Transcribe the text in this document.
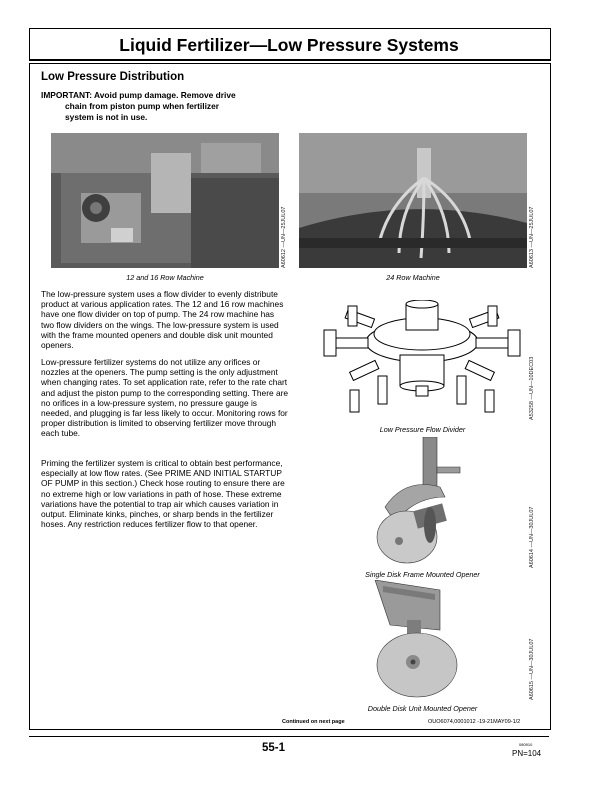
Liquid Fertilizer—Low Pressure Systems
Low Pressure Distribution
IMPORTANT: Avoid pump damage. Remove drive
chain from piston pump when fertilizer
system is not in use.
A60612 —UN—25JUL07
12 and 16 Row Machine
A60613 —UN—25JUL07
24 Row Machine

The low-pressure system uses a flow divider to evenly distribute product at various application rates. The 12 and 16 row machines have one flow divider on top of pump. The 24 row machine has two flow dividers on the wings. The low-pressure system is used with the frame mounted openers and double disk unit mounted openers.

Low-pressure fertilizer systems do not utilize any orifices or nozzles at the openers. The pump setting is the only adjustment when changing rates. To set application rate, refer to the rate chart and adjust the piston pump to the corresponding setting. There are no orifices in a low-pressure system, no pressure gauge is needed, and plugging is far less likely to occur. Monitoring rows for proper distribution is limited to observing fertilizer move through each tube.

Priming the fertilizer system is critical to obtain best performance, especially at low flow rates. (See PRIME AND INITIAL STARTUP OF PUMP in this section.) Check hose routing to ensure there are no extreme high or low variations in path of hose. These extreme variations have the potential to trap air which causes variation in output. Eliminate kinks, pinches, or sharp bends in the fertilizer hoses. Any restriction reduces fertilizer flow to that opener.

A53258 —UN—10DEC03
Low Pressure Flow Divider
A60614 —UN—30JUL07
Single Disk Frame Mounted Opener
A60615 —UN—30JUL07
Double Disk Unit Mounted Opener
Continued on next page	OUO6074,0001012 -19-21MAY09-1/2
55-1	080910
PN=104
